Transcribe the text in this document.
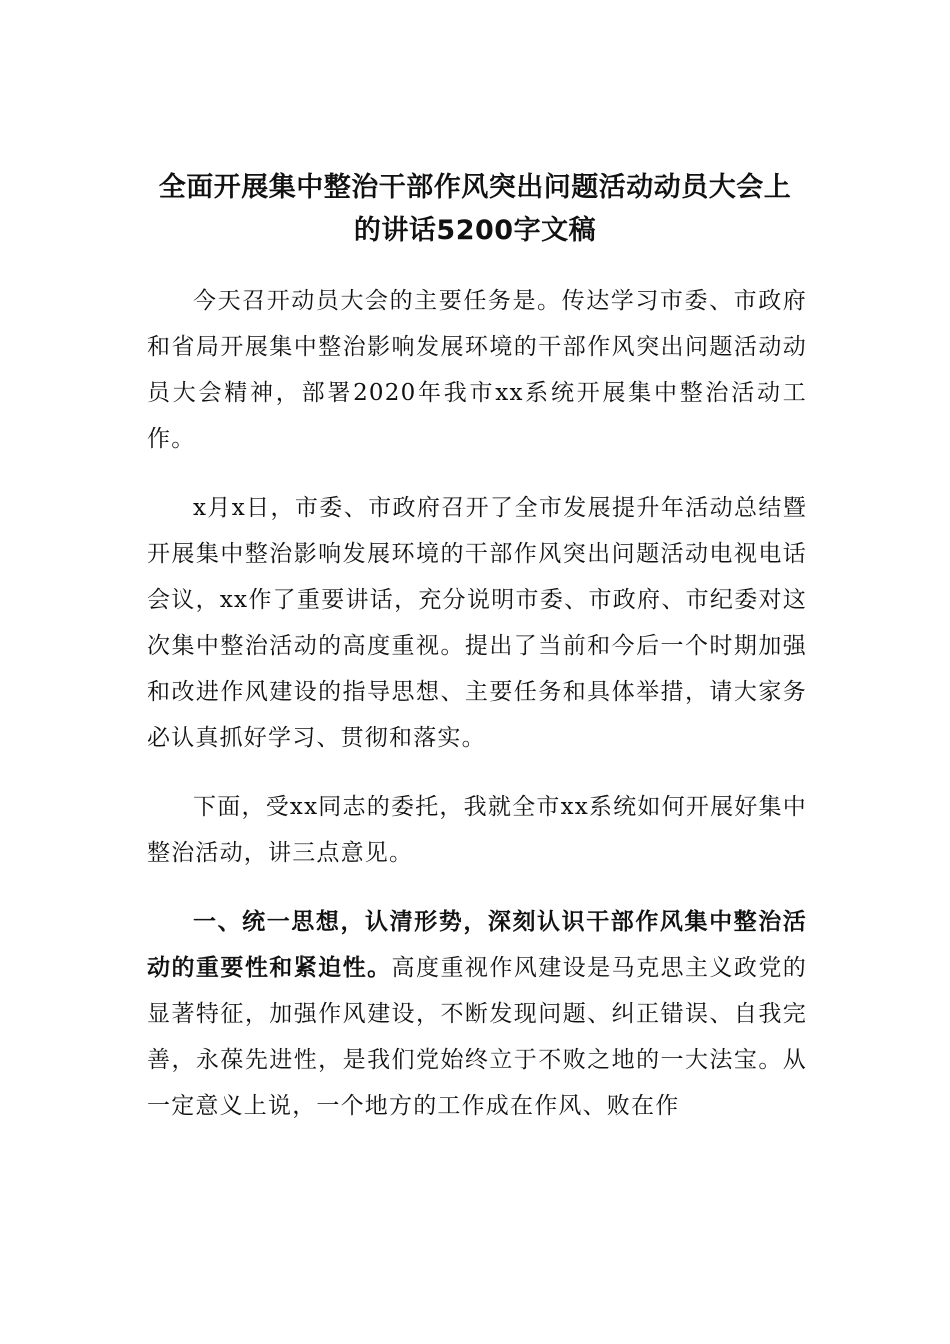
全面开展集中整治干部作风突出问题活动动员大会上
的讲话5200字文稿

今天召开动员大会的主要任务是。传达学习市委、市政府和省局开展集中整治影响发展环境的干部作风突出问题活动动员大会精神，部署2020年我市xx系统开展集中整治活动工作。

x月x日，市委、市政府召开了全市发展提升年活动总结暨开展集中整治影响发展环境的干部作风突出问题活动电视电话会议，xx作了重要讲话，充分说明市委、市政府、市纪委对这次集中整治活动的高度重视。提出了当前和今后一个时期加强和改进作风建设的指导思想、主要任务和具体举措，请大家务必认真抓好学习、贯彻和落实。

下面，受xx同志的委托，我就全市xx系统如何开展好集中整治活动，讲三点意见。

一、统一思想，认清形势，深刻认识干部作风集中整治活动的重要性和紧迫性。高度重视作风建设是马克思主义政党的显著特征，加强作风建设，不断发现问题、纠正错误、自我完善，永葆先进性，是我们党始终立于不败之地的一大法宝。从一定意义上说，一个地方的工作成在作风、败在作
